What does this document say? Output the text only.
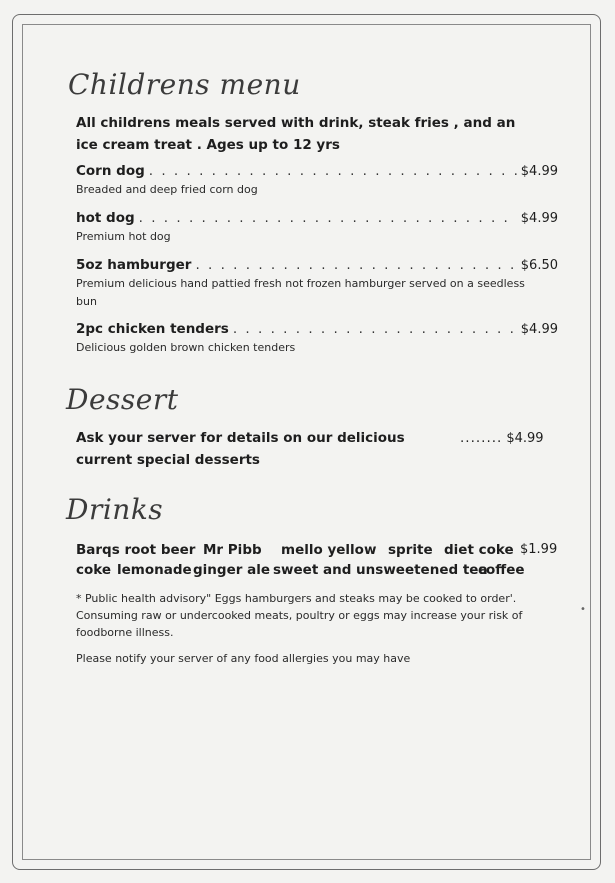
Childrens menu
All childrens meals served with drink, steak fries , and an ice cream treat . Ages up to 12 yrs
Corn dog . . .	$4.99
Breaded and deep fried corn dog
hot dog . . .	$4.99
Premium hot dog
5oz hamburger . . .	$6.50
Premium delicious hand pattied fresh not frozen hamburger served on a seedless bun
2pc chicken tenders . . .	$4.99
Delicious golden brown chicken tenders
Dessert
Ask your server for details on our delicious current special desserts
........ $4.99
Drinks
Barqs root beer Mr Pibb	mello yellow sprite diet coke $1.99
coke lemonade ginger ale sweet and unsweetened tea
coffee
* Public health advisory" Eggs hamburgers and steaks may be cooked to order'. Consuming raw or undercooked meats, poultry or eggs may increase your risk of foodborne illness.
Please notify your server of any food allergies you may have
•
